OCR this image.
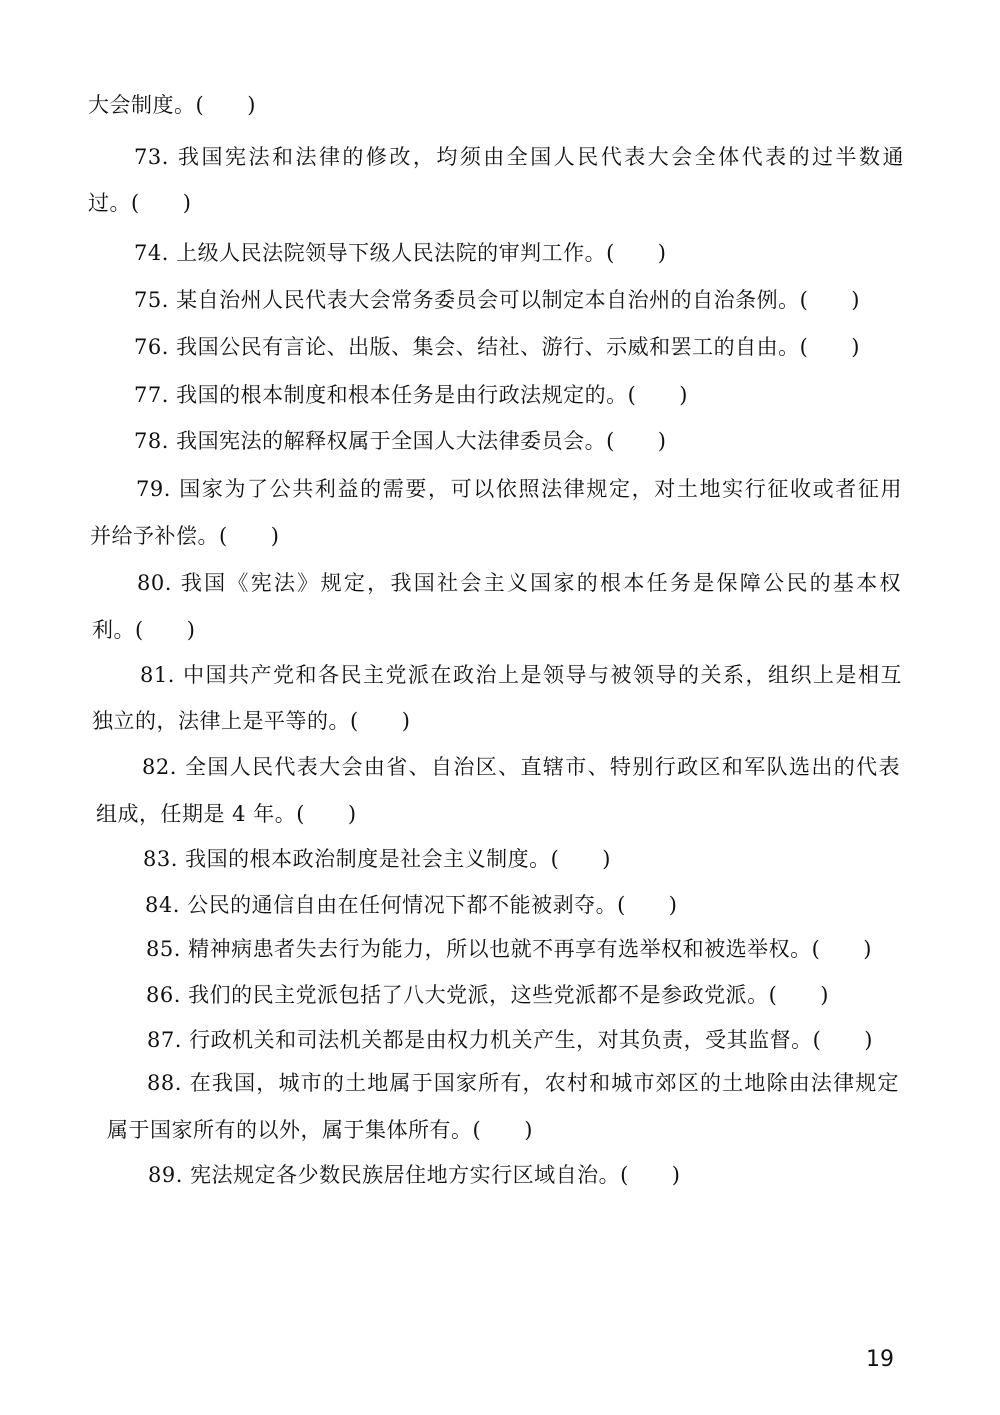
大会制度。(　　)
73. 我国宪法和法律的修改，均须由全国人民代表大会全体代表的过半数通
过。(　　)
74. 上级人民法院领导下级人民法院的审判工作。(　　)
75. 某自治州人民代表大会常务委员会可以制定本自治州的自治条例。(　　)
76. 我国公民有言论、出版、集会、结社、游行、示威和罢工的自由。(　　)
77. 我国的根本制度和根本任务是由行政法规定的。(　　)
78. 我国宪法的解释权属于全国人大法律委员会。(　　)
79. 国家为了公共利益的需要，可以依照法律规定，对土地实行征收或者征用
并给予补偿。(　　)
80. 我国《宪法》规定，我国社会主义国家的根本任务是保障公民的基本权
利。(　　)
81. 中国共产党和各民主党派在政治上是领导与被领导的关系，组织上是相互
独立的，法律上是平等的。(　　)
82. 全国人民代表大会由省、自治区、直辖市、特别行政区和军队选出的代表
组成，任期是 4 年。(　　)
83. 我国的根本政治制度是社会主义制度。(　　)
84. 公民的通信自由在任何情况下都不能被剥夺。(　　)
85. 精神病患者失去行为能力，所以也就不再享有选举权和被选举权。(　　)
86. 我们的民主党派包括了八大党派，这些党派都不是参政党派。(　　)
87. 行政机关和司法机关都是由权力机关产生，对其负责，受其监督。(　　)
88. 在我国，城市的土地属于国家所有，农村和城市郊区的土地除由法律规定
属于国家所有的以外，属于集体所有。(　　)
89. 宪法规定各少数民族居住地方实行区域自治。(　　)
19
